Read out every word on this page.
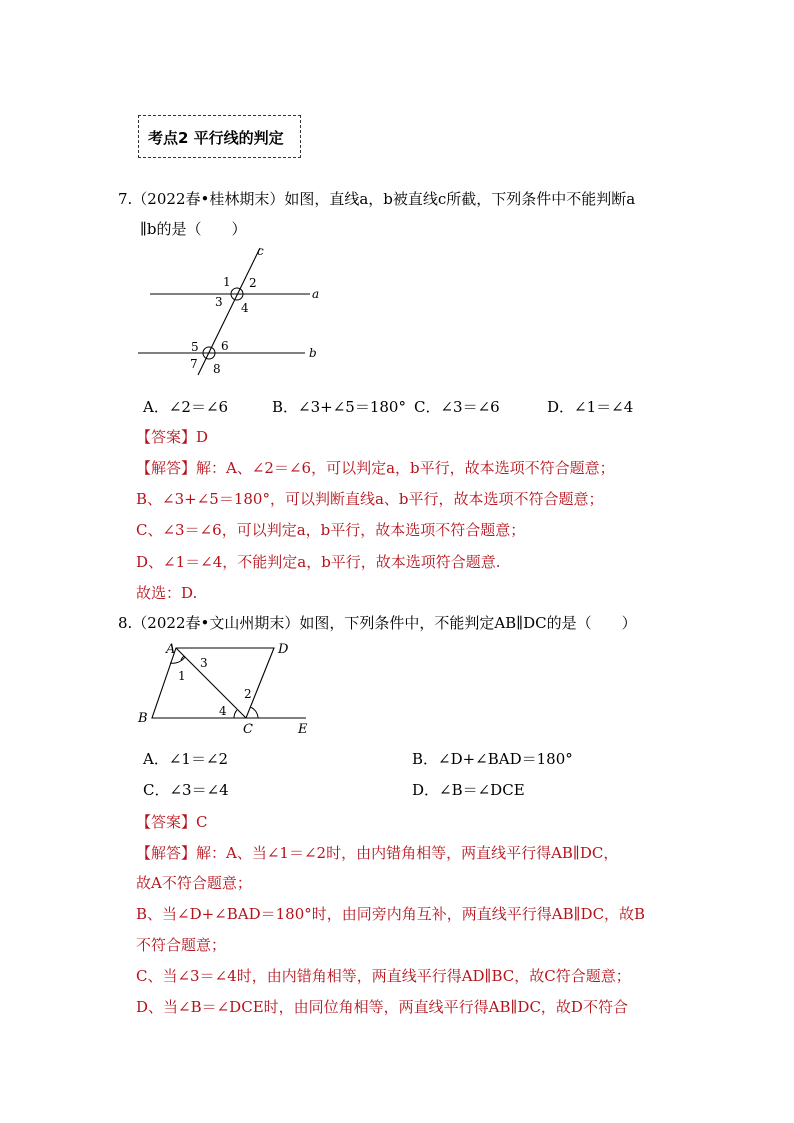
考点2 平行线的判定
7.（2022春•桂林期末）如图，直线a，b被直线c所截，下列条件中不能判断a
∥b的是（　　）
c
a
b
1 2
3 4
5 6
7 8
A．∠2＝∠6	B．∠3+∠5＝180° C．∠3＝∠6	D．∠1＝∠4
【答案】D
【解答】解：A、∠2＝∠6，可以判定a，b平行，故本选项不符合题意；
B、∠3+∠5＝180°，可以判断直线a、b平行，故本选项不符合题意；
C、∠3＝∠6，可以判定a，b平行，故本选项不符合题意；
D、∠1＝∠4，不能判定a，b平行，故本选项符合题意.
故选：D.
8.（2022春•文山州期末）如图，下列条件中，不能判定AB∥DC的是（　　）
A	D
B
C	E
1
3
2
4
A．∠1＝∠2	B．∠D+∠BAD＝180°
C．∠3＝∠4	D．∠B＝∠DCE
【答案】C
【解答】解：A、当∠1＝∠2时，由内错角相等，两直线平行得AB∥DC，
故A不符合题意；
B、当∠D+∠BAD＝180°时，由同旁内角互补，两直线平行得AB∥DC，故B
不符合题意；
C、当∠3＝∠4时，由内错角相等，两直线平行得AD∥BC，故C符合题意；
D、当∠B＝∠DCE时，由同位角相等，两直线平行得AB∥DC，故D不符合
